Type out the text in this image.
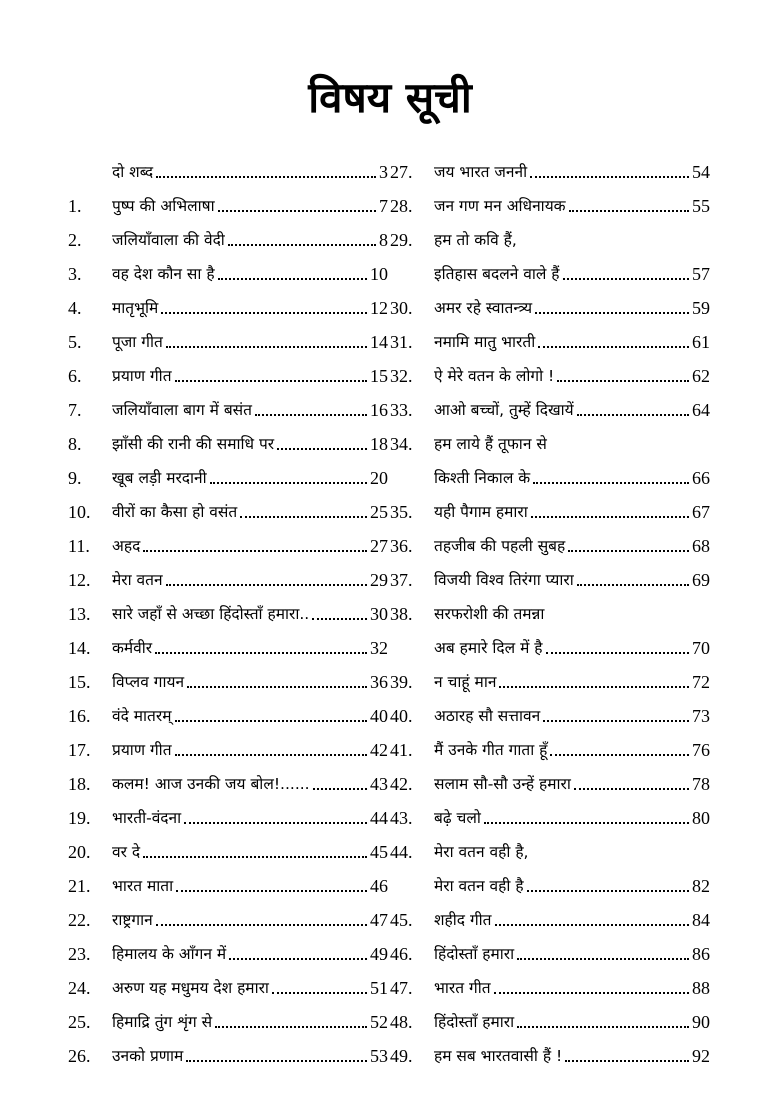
विषय सूची
दो शब्द	3
1.	पुष्प की अभिलाषा	7
2.	जलियाँवाला की वेदी	8
3.	वह देश कौन सा है	10
4.	मातृभूमि	12
5.	पूजा गीत	14
6.	प्रयाण गीत	15
7.	जलियाँवाला बाग में बसंत	16
8.	झाँसी की रानी की समाधि पर	18
9.	खूब लड़ी मरदानी	20
10.	वीरों का कैसा हो वसंत	25
11.	अहद	27
12.	मेरा वतन	29
13.	सारे जहाँ से अच्छा हिंदोस्ताँ हमारा..	30
14.	कर्मवीर	32
15.	विप्लव गायन	36
16.	वंदे मातरम्	40
17.	प्रयाण गीत	42
18.	कलम! आज उनकी जय बोल!......	43
19.	भारती-वंदना	44
20.	वर दे	45
21.	भारत माता	46
22.	राष्ट्रगान	47
23.	हिमालय के आँगन में	49
24.	अरुण यह मधुमय देश हमारा	51
25.	हिमाद्रि तुंग शृंग से	52
26.	उनको प्रणाम	53
27.	जय भारत जननी	54
28.	जन गण मन अधिनायक	55
29.	हम तो कवि हैं,
इतिहास बदलने वाले हैं	57
30.	अमर रहे स्वातन्त्र्य	59
31.	नमामि मातु भारती	61
32.	ऐ मेरे वतन के लोगो !	62
33.	आओ बच्चों, तुम्हें दिखायें	64
34.	हम लाये हैं तूफान से
किश्ती निकाल के	66
35.	यही पैगाम हमारा	67
36.	तहजीब की पहली सुबह	68
37.	विजयी विश्व तिरंगा प्यारा	69
38.	सरफरोशी की तमन्ना
अब हमारे दिल में है	70
39.	न चाहूं मान	72
40.	अठारह सौ सत्तावन	73
41.	मैं उनके गीत गाता हूँ	76
42.	सलाम सौ-सौ उन्हें हमारा	78
43.	बढ़े चलो	80
44.	मेरा वतन वही है,
मेरा वतन वही है	82
45.	शहीद गीत	84
46.	हिंदोस्ताँ हमारा	86
47.	भारत गीत	88
48.	हिंदोस्ताँ हमारा	90
49.	हम सब भारतवासी हैं !	92
